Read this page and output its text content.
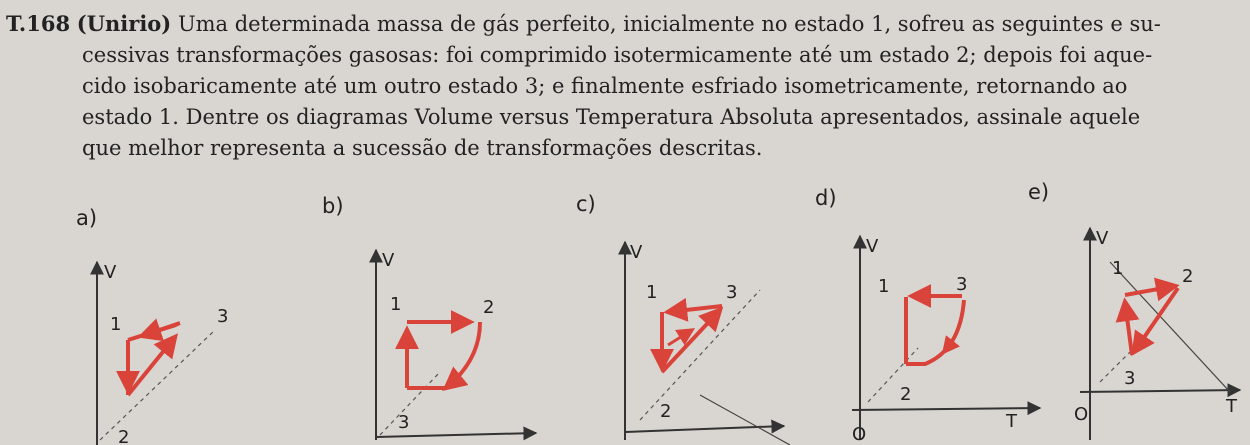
T.168 (Unirio) Uma determinada massa de gás perfeito, inicialmente no estado 1, sofreu as seguintes e su-
cessivas transformações gasosas: foi comprimido isotermicamente até um estado 2; depois foi aque-
cido isobaricamente até um outro estado 3; e finalmente esfriado isometricamente, retornando ao
estado 1. Dentre os diagramas Volume versus Temperatura Absoluta apresentados, assinale aquele
que melhor representa a sucessão de transformações descritas.
a)	b)	c)	d)	e)
V
1	3
2
V
1	2
3
V
1	3
2
V
T
O
1	3
2
V
T
O
1	2
3
